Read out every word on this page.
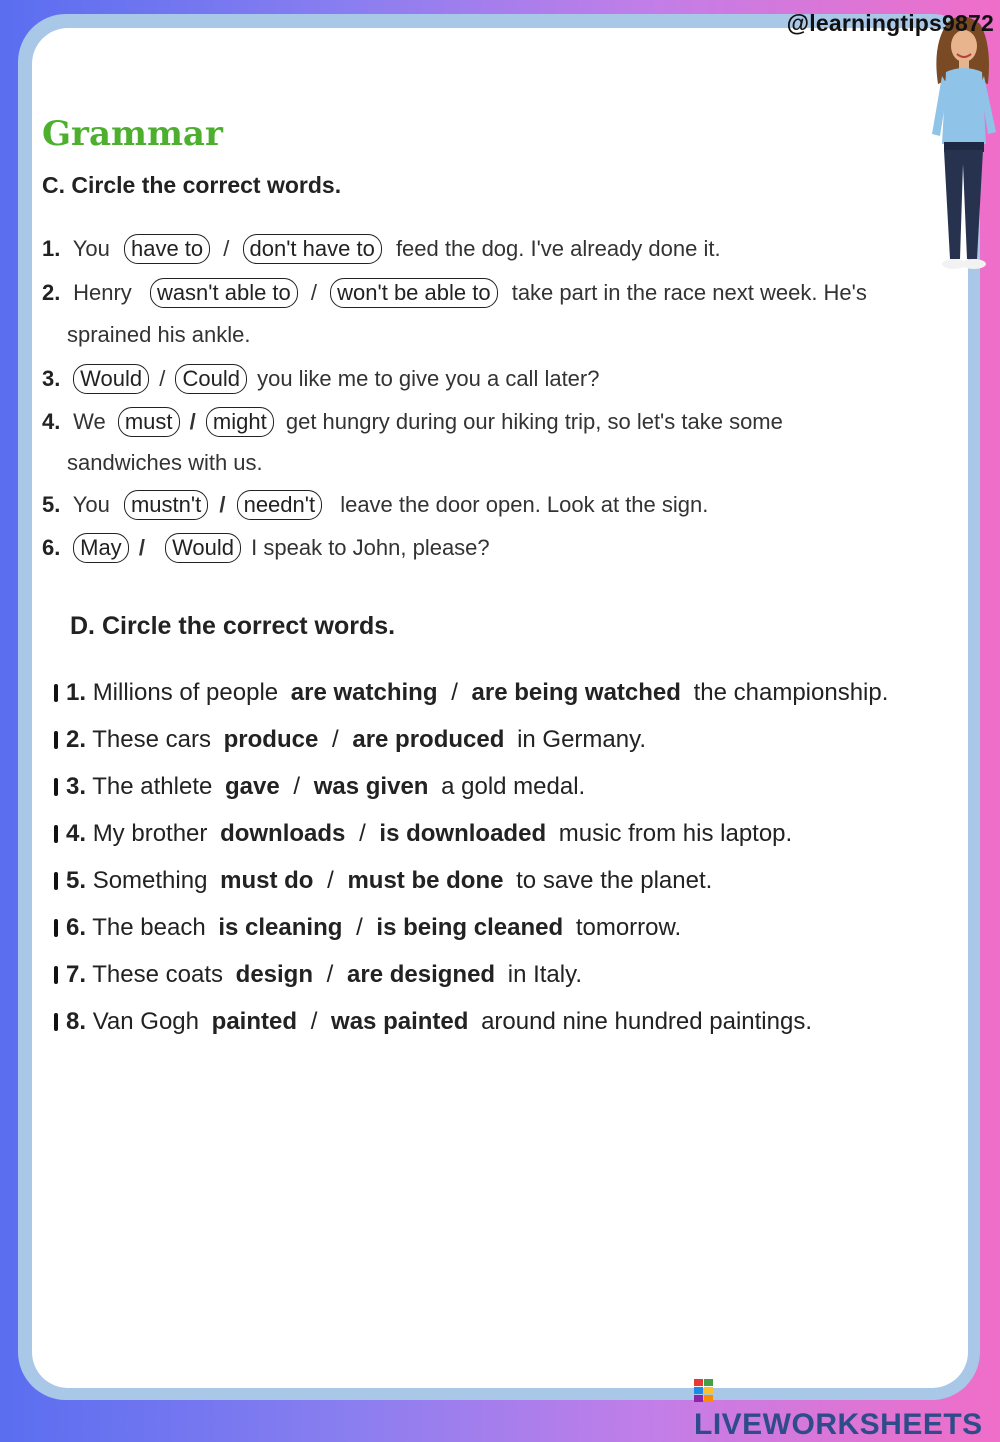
@learningtips9872
Grammar
C. Circle the correct words.
1. You have to / don't have to feed the dog. I've already done it.
2. Henry wasn't able to / won't be able to take part in the race next week. He's
sprained his ankle.
3. Would / Could you like me to give you a call later?
4. We must / might get hungry during our hiking trip, so let's take some
sandwiches with us.
5. You mustn't / needn't leave the door open. Look at the sign.
6. May / Would I speak to John, please?
D. Circle the correct words.
1. Millions of people are watching / are being watched the championship.
2. These cars produce / are produced in Germany.
3. The athlete gave / was given a gold medal.
4. My brother downloads / is downloaded music from his laptop.
5. Something must do / must be done to save the planet.
6. The beach is cleaning / is being cleaned tomorrow.
7. These coats design / are designed in Italy.
8. Van Gogh painted / was painted around nine hundred paintings.
LIVEWORKSHEETS
